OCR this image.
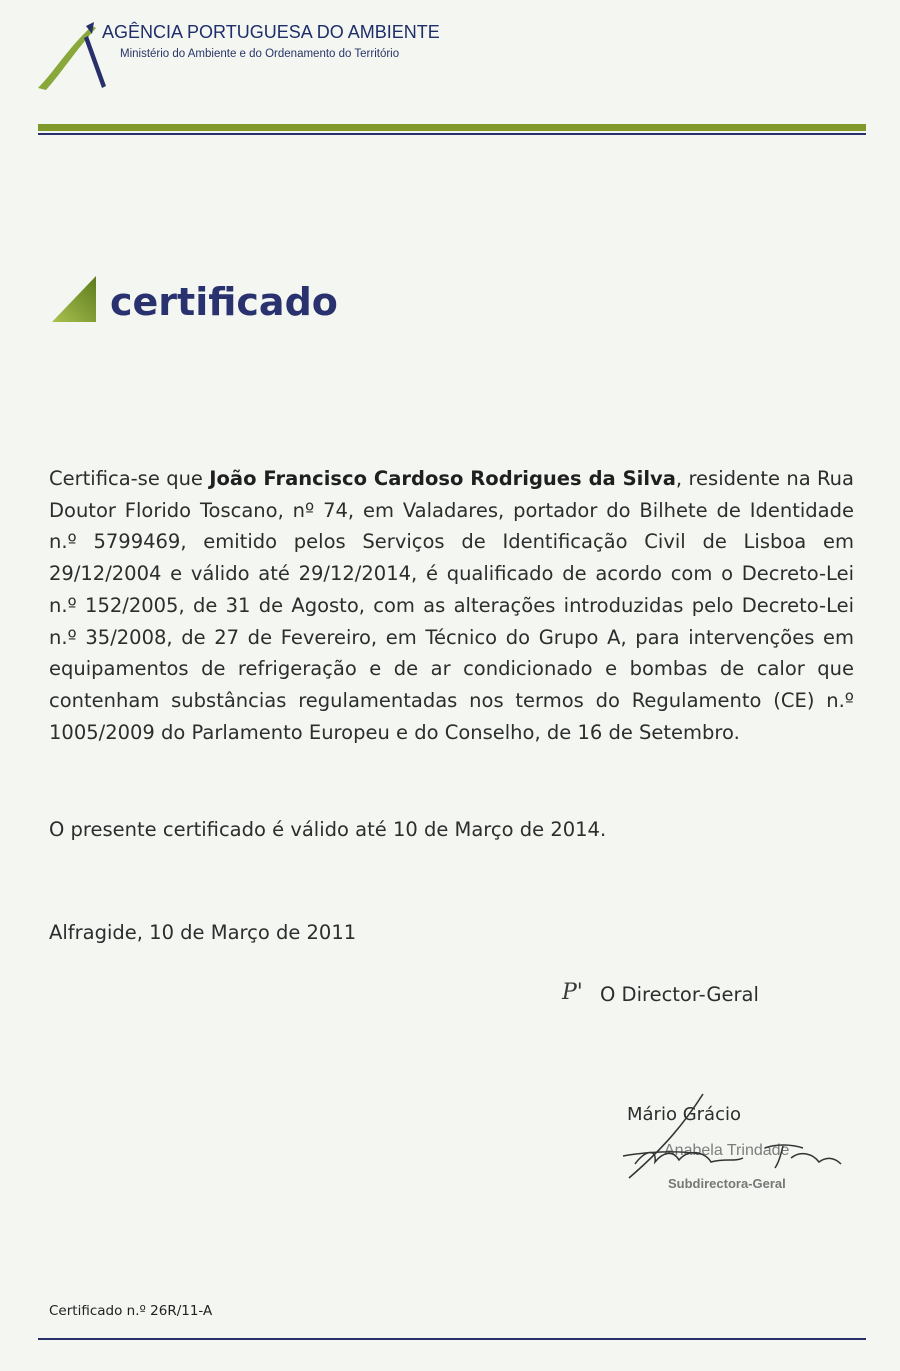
AGÊNCIA PORTUGUESA DO AMBIENTE
Ministério do Ambiente e do Ordenamento do Território
certificado
Certifica-se que João Francisco Cardoso Rodrigues da Silva, residente na Rua Doutor Florido Toscano, nº 74, em Valadares, portador do Bilhete de Identidade n.º 5799469, emitido pelos Serviços de Identificação Civil de Lisboa em 29/12/2004 e válido até 29/12/2014, é qualificado de acordo com o Decreto-Lei n.º 152/2005, de 31 de Agosto, com as alterações introduzidas pelo Decreto-Lei n.º 35/2008, de 27 de Fevereiro, em Técnico do Grupo A, para intervenções em equipamentos de refrigeração e de ar condicionado e bombas de calor que contenham substâncias regulamentadas nos termos do Regulamento (CE) n.º 1005/2009 do Parlamento Europeu e do Conselho, de 16 de Setembro.
O presente certificado é válido até 10 de Março de 2014.
Alfragide, 10 de Março de 2011
P' O Director-Geral
Mário Grácio
Anabela Trindade
Subdirectora-Geral
Certificado n.º 26R/11-A
